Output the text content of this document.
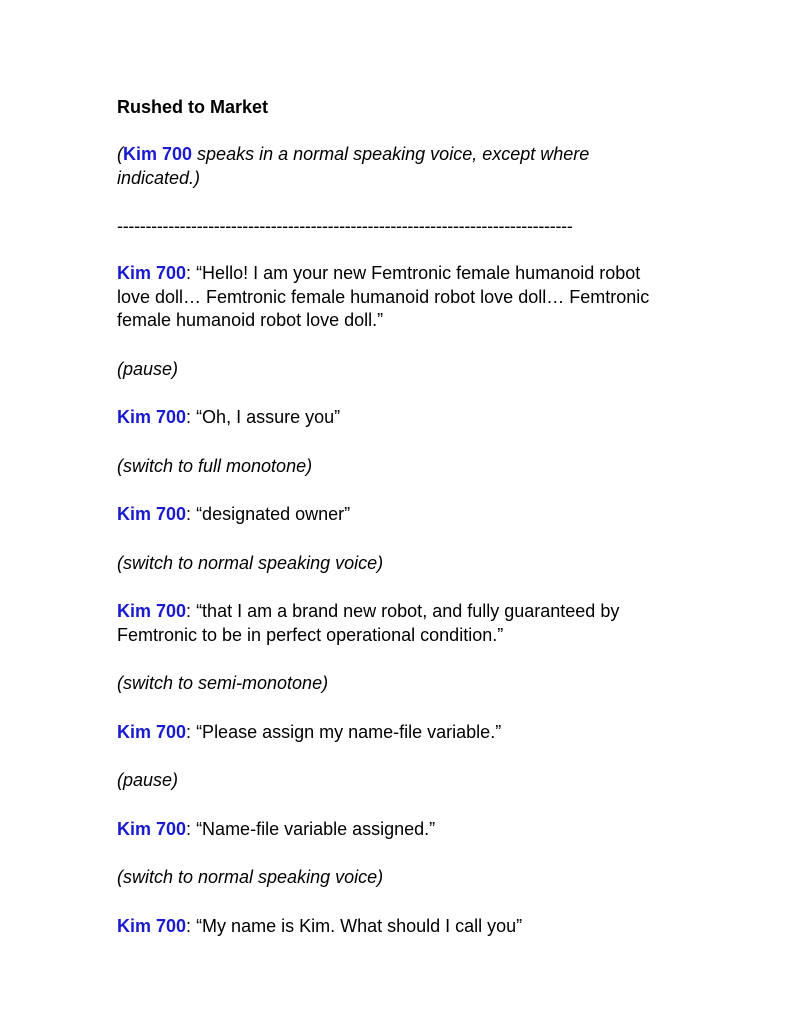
Rushed to Market
(Kim 700 speaks in a normal speaking voice, except where indicated.)
--------------------------------------------------------------------------------
Kim 700: “Hello! I am your new Femtronic female humanoid robot love doll… Femtronic female humanoid robot love doll… Femtronic female humanoid robot love doll.”
(pause)
Kim 700: “Oh, I assure you”
(switch to full monotone)
Kim 700: “designated owner”
(switch to normal speaking voice)
Kim 700: “that I am a brand new robot, and fully guaranteed by Femtronic to be in perfect operational condition.”
(switch to semi-monotone)
Kim 700: “Please assign my name-file variable.”
(pause)
Kim 700: “Name-file variable assigned.”
(switch to normal speaking voice)
Kim 700: “My name is Kim. What should I call you”
